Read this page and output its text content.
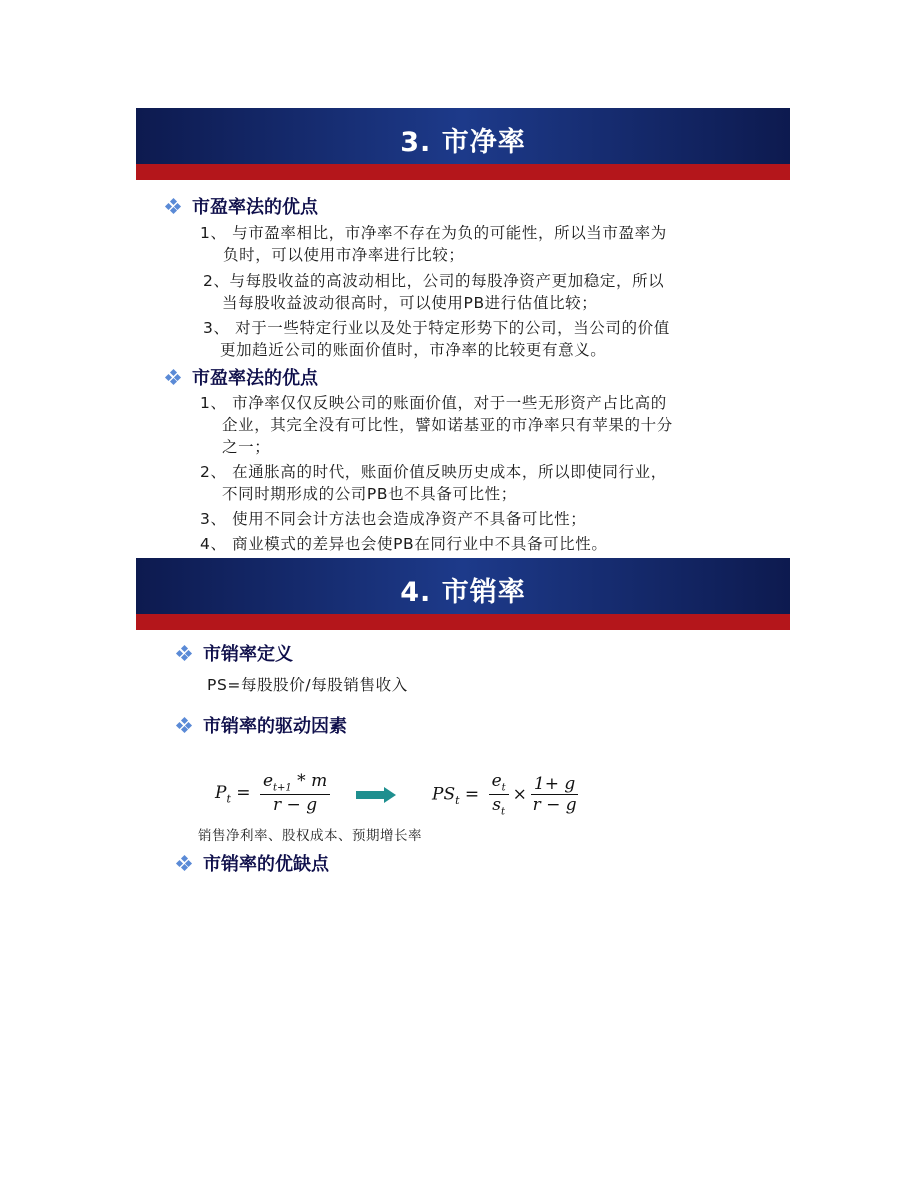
3. 市净率
市盈率法的优点
1、 与市盈率相比，市净率不存在为负的可能性，所以当市盈率为
负时，可以使用市净率进行比较；
2、与每股收益的高波动相比，公司的每股净资产更加稳定，所以
当每股收益波动很高时，可以使用PB进行估值比较；
3、 对于一些特定行业以及处于特定形势下的公司，当公司的价值
更加趋近公司的账面价值时，市净率的比较更有意义。
市盈率法的优点
1、 市净率仅仅反映公司的账面价值，对于一些无形资产占比高的
企业，其完全没有可比性，譬如诺基亚的市净率只有苹果的十分
之一；
2、 在通胀高的时代，账面价值反映历史成本，所以即使同行业，
不同时期形成的公司PB也不具备可比性；
3、 使用不同会计方法也会造成净资产不具备可比性；
4、 商业模式的差异也会使PB在同行业中不具备可比性。
4. 市销率
市销率定义
PS=每股股价/每股销售收入
市销率的驱动因素
$P_t = \frac{e_{t+1} * m}{r - g}$	$PS_t = \frac{e_t}{s_t} \times \frac{1+ g}{r - g}$
销售净利率、股权成本、预期增长率
市销率的优缺点
